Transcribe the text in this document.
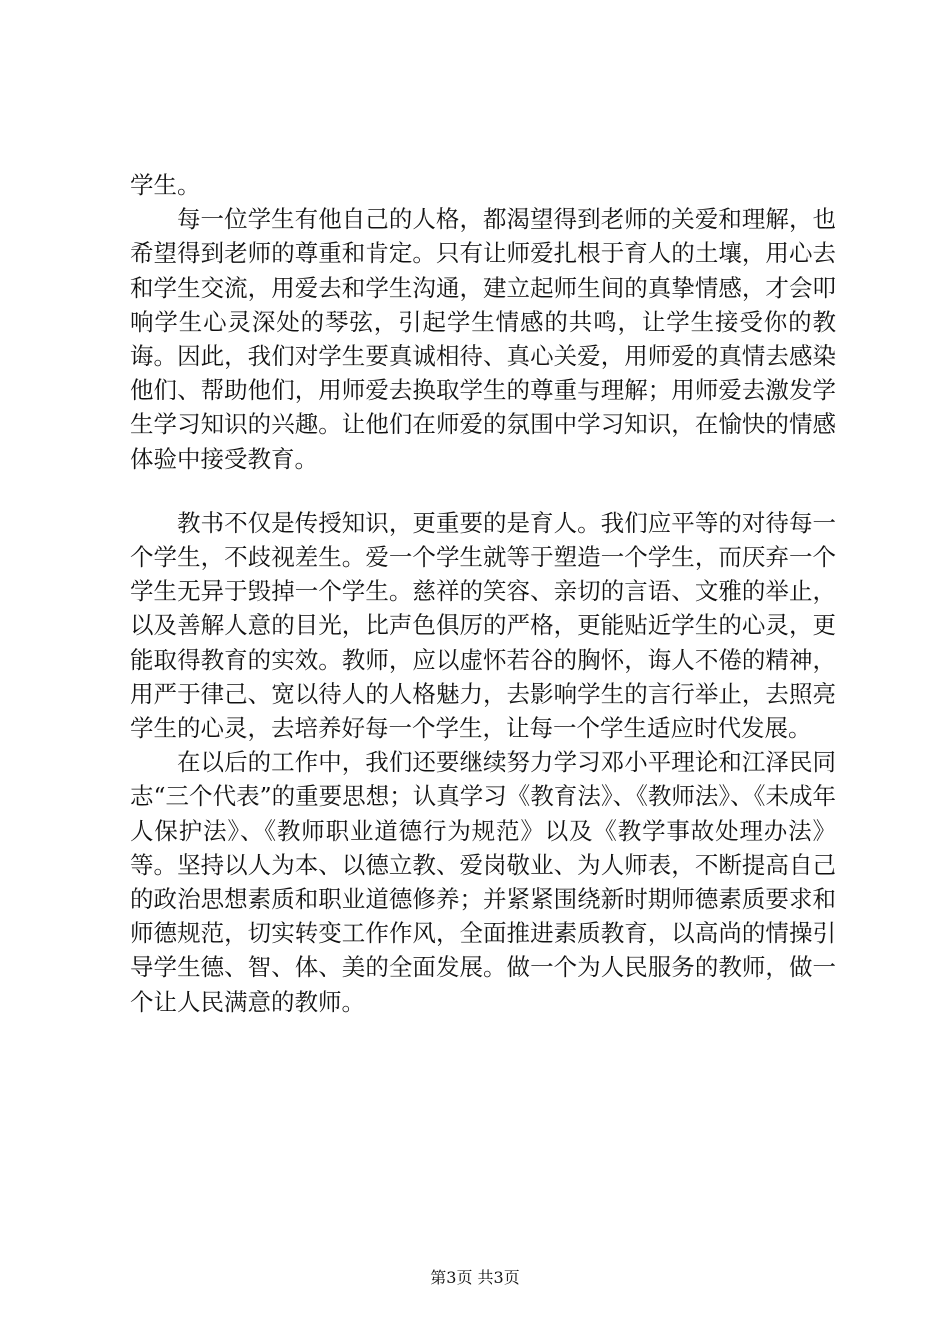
学生。

每一位学生有他自己的人格，都渴望得到老师的关爱和理解，也希望得到老师的尊重和肯定。只有让师爱扎根于育人的土壤，用心去和学生交流，用爱去和学生沟通，建立起师生间的真挚情感，才会叩响学生心灵深处的琴弦，引起学生情感的共鸣，让学生接受你的教诲。因此，我们对学生要真诚相待、真心关爱，用师爱的真情去感染他们、帮助他们，用师爱去换取学生的尊重与理解；用师爱去激发学生学习知识的兴趣。让他们在师爱的氛围中学习知识，在愉快的情感体验中接受教育。

教书不仅是传授知识，更重要的是育人。我们应平等的对待每一个学生，不歧视差生。爱一个学生就等于塑造一个学生，而厌弃一个学生无异于毁掉一个学生。慈祥的笑容、亲切的言语、文雅的举止，以及善解人意的目光，比声色俱厉的严格，更能贴近学生的心灵，更能取得教育的实效。教师，应以虚怀若谷的胸怀，诲人不倦的精神，用严于律己、宽以待人的人格魅力，去影响学生的言行举止，去照亮学生的心灵，去培养好每一个学生，让每一个学生适应时代发展。

在以后的工作中，我们还要继续努力学习邓小平理论和江泽民同志“三个代表”的重要思想；认真学习《教育法》、《教师法》、《未成年人保护法》、《教师职业道德行为规范》以及《教学事故处理办法》等。坚持以人为本、以德立教、爱岗敬业、为人师表，不断提高自己的政治思想素质和职业道德修养；并紧紧围绕新时期师德素质要求和师德规范，切实转变工作作风，全面推进素质教育，以高尚的情操引导学生德、智、体、美的全面发展。做一个为人民服务的教师，做一个让人民满意的教师。

第3页 共3页
